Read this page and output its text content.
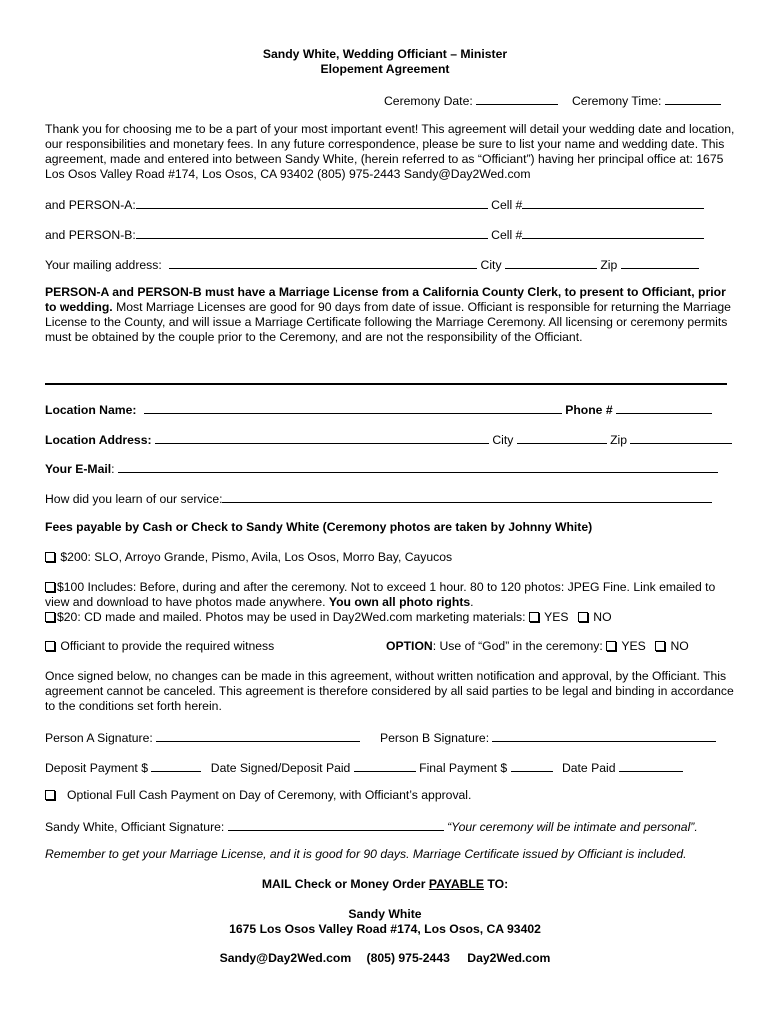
Sandy White, Wedding Officiant – Minister
Elopement Agreement
Ceremony Date:	Ceremony Time:
Thank you for choosing me to be a part of your most important event! This agreement will detail your wedding date and location, our responsibilities and monetary fees. In any future correspondence, please be sure to list your name and wedding date. This agreement, made and entered into between Sandy White, (herein referred to as “Officiant”) having her principal office at: 1675 Los Osos Valley Road #174, Los Osos, CA 93402 (805) 975-2443 Sandy@Day2Wed.com
and PERSON-A:	Cell #
and PERSON-B:	Cell #
Your mailing address:	City	Zip
PERSON-A and PERSON-B must have a Marriage License from a California County Clerk, to present to Officiant, prior to wedding. Most Marriage Licenses are good for 90 days from date of issue. Officiant is responsible for returning the Marriage License to the County, and will issue a Marriage Certificate following the Marriage Ceremony. All licensing or ceremony permits must be obtained by the couple prior to the Ceremony, and are not the responsibility of the Officiant.
Location Name:	Phone #
Location Address:	City	Zip
Your E-Mail:
How did you learn of our service:
Fees payable by Cash or Check to Sandy White (Ceremony photos are taken by Johnny White)
$200: SLO, Arroyo Grande, Pismo, Avila, Los Osos, Morro Bay, Cayucos
$100 Includes: Before, during and after the ceremony. Not to exceed 1 hour. 80 to 120 photos: JPEG Fine. Link emailed to view and download to have photos made anywhere. You own all photo rights.
$20: CD made and mailed. Photos may be used in Day2Wed.com marketing materials:  YES NO
Officiant to provide the required witness	OPTION: Use of “God” in the ceremony:  YES NO
Once signed below, no changes can be made in this agreement, without written notification and approval, by the Officiant. This agreement cannot be canceled. This agreement is therefore considered by all said parties to be legal and binding in accordance to the conditions set forth herein.
Person A Signature:	Person B Signature:
Deposit Payment $	Date Signed/Deposit Paid	Final Payment $	Date Paid
Optional Full Cash Payment on Day of Ceremony, with Officiant’s approval.
Sandy White, Officiant Signature:	“Your ceremony will be intimate and personal”.
Remember to get your Marriage License, and it is good for 90 days. Marriage Certificate issued by Officiant is included.
MAIL Check or Money Order PAYABLE TO:
Sandy White
1675 Los Osos Valley Road #174, Los Osos, CA 93402
Sandy@Day2Wed.com (805) 975-2443 Day2Wed.com
